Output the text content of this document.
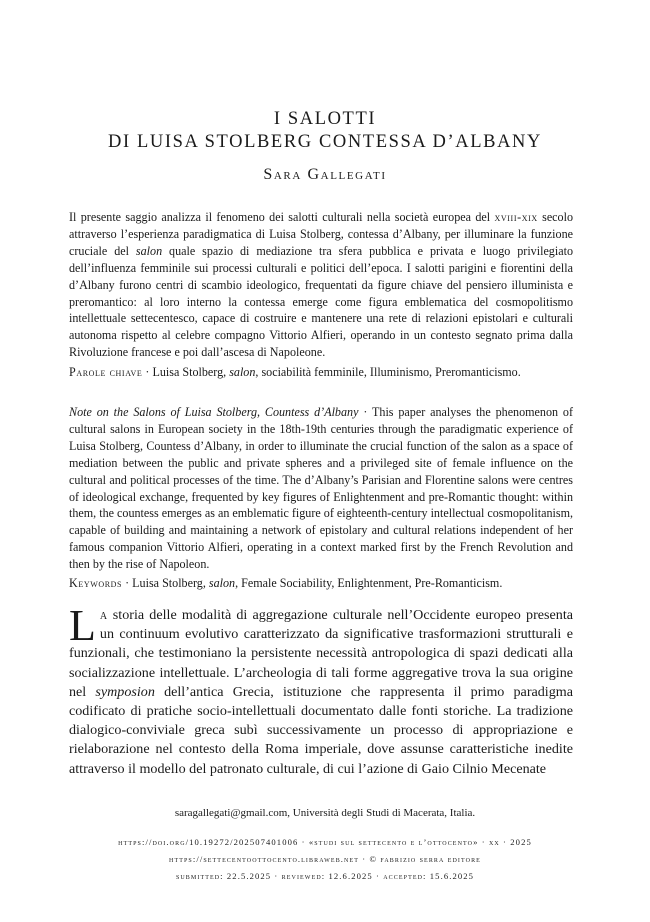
I SALOTTI
DI LUISA STOLBERG CONTESSA D’ALBANY
Sara Gallegati
Il presente saggio analizza il fenomeno dei salotti culturali nella società europea del xviii-xix secolo attraverso l’esperienza paradigmatica di Luisa Stolberg, contessa d’Albany, per illuminare la funzione cruciale del salon quale spazio di mediazione tra sfera pubblica e privata e luogo privilegiato dell’influenza femminile sui processi culturali e politici dell’epoca. I salotti parigini e fiorentini della d’Albany furono centri di scambio ideologico, frequentati da figure chiave del pensiero illuminista e preromantico: al loro interno la contessa emerge come figura emblematica del cosmopolitismo intellettuale settecentesco, capace di costruire e mantenere una rete di relazioni epistolari e culturali autonoma rispetto al celebre compagno Vittorio Alfieri, operando in un contesto segnato prima dalla Rivoluzione francese e poi dall’ascesa di Napoleone.
Parole chiave · Luisa Stolberg, salon, sociabilità femminile, Illuminismo, Preromanticismo.
Note on the Salons of Luisa Stolberg, Countess d’Albany · This paper analyses the phenomenon of cultural salons in European society in the 18th-19th centuries through the paradigmatic experience of Luisa Stolberg, Countess d’Albany, in order to illuminate the crucial function of the salon as a space of mediation between the public and private spheres and a privileged site of female influence on the cultural and political processes of the time. The d’Albany’s Parisian and Florentine salons were centres of ideological exchange, frequented by key figures of Enlightenment and pre-Romantic thought: within them, the countess emerges as an emblematic figure of eighteenth-century intellectual cosmopolitanism, capable of building and maintaining a network of epistolary and cultural relations independent of her famous companion Vittorio Alfieri, operating in a context marked first by the French Revolution and then by the rise of Napoleon.
Keywords · Luisa Stolberg, salon, Female Sociability, Enlightenment, Pre-Romanticism.
La storia delle modalità di aggregazione culturale nell’Occidente europeo presenta un continuum evolutivo caratterizzato da significative trasformazioni strutturali e funzionali, che testimoniano la persistente necessità antropologica di spazi dedicati alla socializzazione intellettuale. L’archeologia di tali forme aggregative trova la sua origine nel symposion dell’antica Grecia, istituzione che rappresenta il primo paradigma codificato di pratiche socio-intellettuali documentato dalle fonti storiche. La tradizione dialogico-conviviale greca subì successivamente un processo di appropriazione e rielaborazione nel contesto della Roma imperiale, dove assunse caratteristiche inedite attraverso il modello del patronato culturale, di cui l’azione di Gaio Cilnio Mecenate
saragallegati@gmail.com, Università degli Studi di Macerata, Italia.
https://doi.org/10.19272/202507401006 · «studi sul settecento e l’ottocento» · xx · 2025
https://settecentoottocento.libraweb.net · © fabrizio serra editore
submitted: 22.5.2025 · reviewed: 12.6.2025 · accepted: 15.6.2025
